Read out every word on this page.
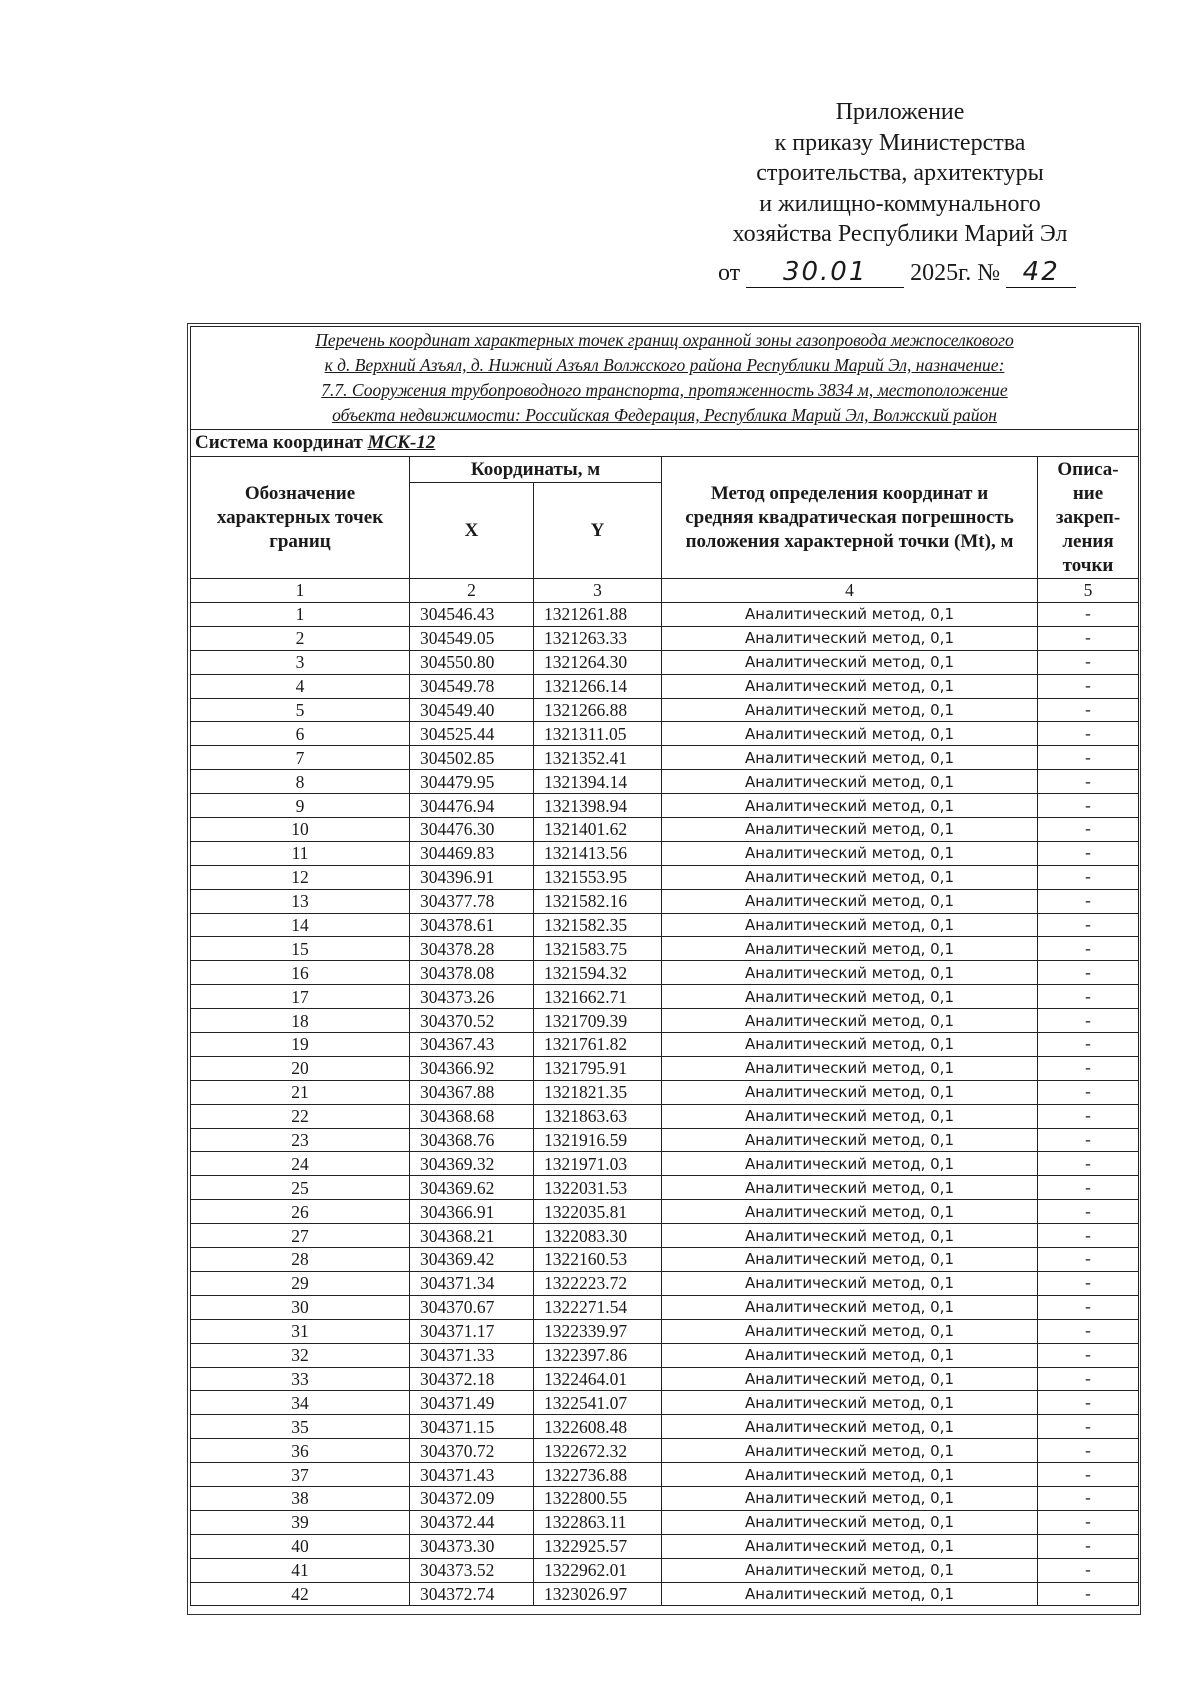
Приложение
к приказу Министерства
строительства, архитектуры
и жилищно-коммунального
хозяйства Республики Марий Эл
от 30.01 2025г. № 42
Перечень координат характерных точек границ охранной зоны газопровода межпоселкового
к д. Верхний Азъял, д. Нижний Азъял Волжского района Республики Марий Эл, назначение:
7.7. Сооружения трубопроводного транспорта, протяженность 3834 м, местоположение
объекта недвижимости: Российская Федерация, Республика Марий Эл, Волжский район				

Система координат МСК-12				
Обозначение характерных точек границ	Координаты, м		Метод определения координат и средняя квадратическая погрешность положения характерной точки (Mt), м	Описа-ние закреп-ления точки
	X	Y		
1	2	3	4	5
1	304546.43	1321261.88	Аналитический метод, 0,1	-
2	304549.05	1321263.33	Аналитический метод, 0,1	-
3	304550.80	1321264.30	Аналитический метод, 0,1	-
4	304549.78	1321266.14	Аналитический метод, 0,1	-
5	304549.40	1321266.88	Аналитический метод, 0,1	-
6	304525.44	1321311.05	Аналитический метод, 0,1	-
7	304502.85	1321352.41	Аналитический метод, 0,1	-
8	304479.95	1321394.14	Аналитический метод, 0,1	-
9	304476.94	1321398.94	Аналитический метод, 0,1	-
10	304476.30	1321401.62	Аналитический метод, 0,1	-
11	304469.83	1321413.56	Аналитический метод, 0,1	-
12	304396.91	1321553.95	Аналитический метод, 0,1	-
13	304377.78	1321582.16	Аналитический метод, 0,1	-
14	304378.61	1321582.35	Аналитический метод, 0,1	-
15	304378.28	1321583.75	Аналитический метод, 0,1	-
16	304378.08	1321594.32	Аналитический метод, 0,1	-
17	304373.26	1321662.71	Аналитический метод, 0,1	-
18	304370.52	1321709.39	Аналитический метод, 0,1	-
19	304367.43	1321761.82	Аналитический метод, 0,1	-
20	304366.92	1321795.91	Аналитический метод, 0,1	-
21	304367.88	1321821.35	Аналитический метод, 0,1	-
22	304368.68	1321863.63	Аналитический метод, 0,1	-
23	304368.76	1321916.59	Аналитический метод, 0,1	-
24	304369.32	1321971.03	Аналитический метод, 0,1	-
25	304369.62	1322031.53	Аналитический метод, 0,1	-
26	304366.91	1322035.81	Аналитический метод, 0,1	-
27	304368.21	1322083.30	Аналитический метод, 0,1	-
28	304369.42	1322160.53	Аналитический метод, 0,1	-
29	304371.34	1322223.72	Аналитический метод, 0,1	-
30	304370.67	1322271.54	Аналитический метод, 0,1	-
31	304371.17	1322339.97	Аналитический метод, 0,1	-
32	304371.33	1322397.86	Аналитический метод, 0,1	-
33	304372.18	1322464.01	Аналитический метод, 0,1	-
34	304371.49	1322541.07	Аналитический метод, 0,1	-
35	304371.15	1322608.48	Аналитический метод, 0,1	-
36	304370.72	1322672.32	Аналитический метод, 0,1	-
37	304371.43	1322736.88	Аналитический метод, 0,1	-
38	304372.09	1322800.55	Аналитический метод, 0,1	-
39	304372.44	1322863.11	Аналитический метод, 0,1	-
40	304373.30	1322925.57	Аналитический метод, 0,1	-
41	304373.52	1322962.01	Аналитический метод, 0,1	-
42	304372.74	1323026.97	Аналитический метод, 0,1	-
